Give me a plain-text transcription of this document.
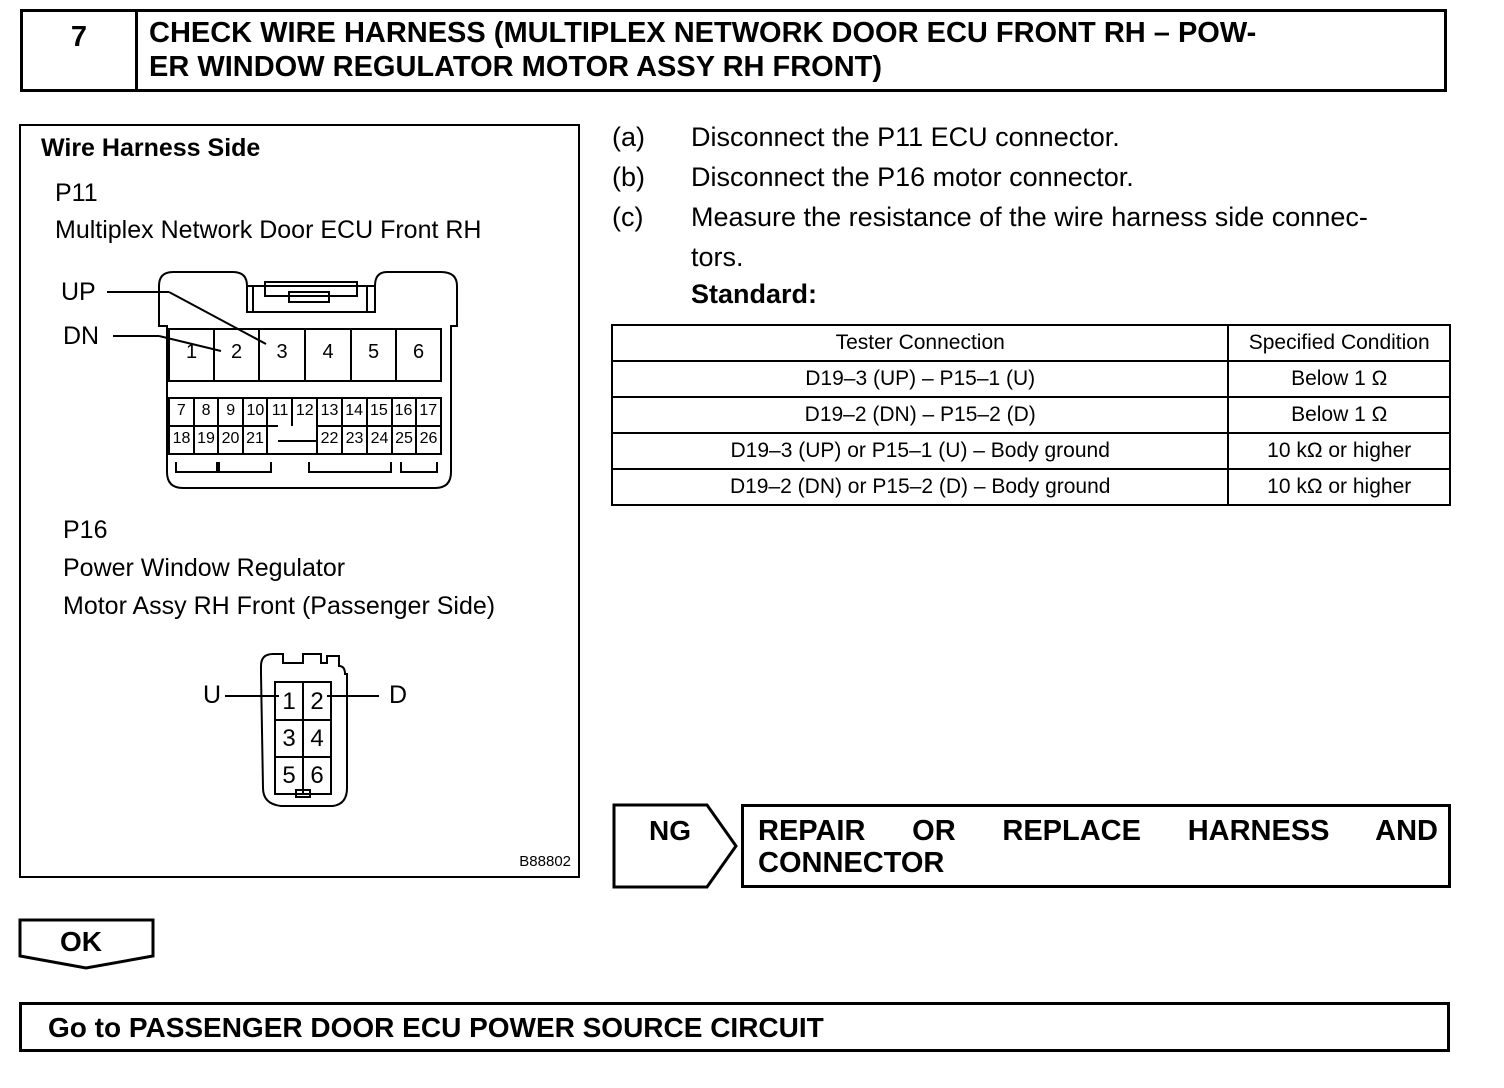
7	CHECK WIRE HARNESS (MULTIPLEX NETWORK DOOR ECU FRONT RH – POW-
ER WINDOW REGULATOR MOTOR ASSY RH FRONT)
Wire Harness Side
P11
Multiplex Network Door ECU Front RH
UP
DN
1	2	3	4	5	6
7 8 9 10 11 12 13 14 15 16 17
18 19 20 21	22 23 24 25 26
P16
Power Window Regulator
Motor Assy RH Front (Passenger Side)
U	D
1 2
3 4
5 6
B88802
(a) Disconnect the P11 ECU connector.
(b) Disconnect the P16 motor connector.
(c) Measure the resistance of the wire harness side connec-
tors.
Standard:
Tester Connection	Specified Condition
D19–3 (UP) – P15–1 (U)	Below 1 Ω
D19–2 (DN) – P15–2 (D)	Below 1 Ω
D19–3 (UP) or P15–1 (U) – Body ground	10 kΩ or higher
D19–2 (DN) or P15–2 (D) – Body ground	10 kΩ or higher
NG REPAIR OR REPLACE HARNESS AND
CONNECTOR
OK
Go to PASSENGER DOOR ECU POWER SOURCE CIRCUIT
